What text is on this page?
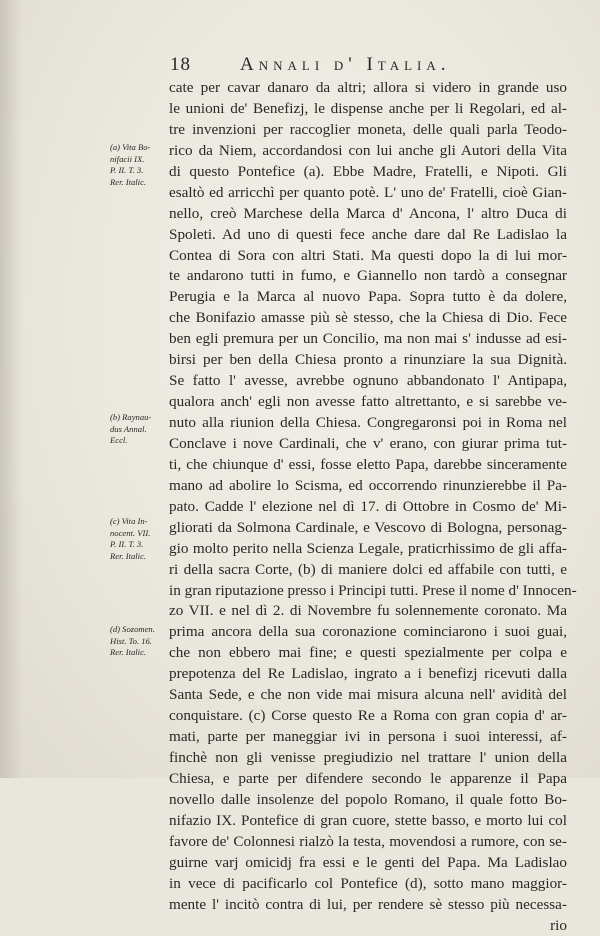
18	Annali d' Italia.
cate per cavar danaro da altri; allora si videro in grande uso
le unioni de' Benefizj, le dispense anche per li Regolari, ed al-
tre invenzioni per raccoglier moneta, delle quali parla Teodo-
rico da Niem, accordandosi con lui anche gli Autori della Vita
di questo Pontefice (a). Ebbe Madre, Fratelli, e Nipoti. Gli
esaltò ed arricchì per quanto potè. L' uno de' Fratelli, cioè Gian-
nello, creò Marchese della Marca d' Ancona, l' altro Duca di
Spoleti. Ad uno di questi fece anche dare dal Re Ladislao la
Contea di Sora con altri Stati. Ma questi dopo la di lui mor-
te andarono tutti in fumo, e Giannello non tardò a consegnar
Perugia e la Marca al nuovo Papa. Sopra tutto è da dolere,
che Bonifazio amasse più sè stesso, che la Chiesa di Dio. Fece
ben egli premura per un Concilio, ma non mai s' indusse ad esi-
birsi per ben della Chiesa pronto a rinunziare la sua Dignità.
Se fatto l' avesse, avrebbe ognuno abbandonato l' Antipapa,
qualora anch' egli non avesse fatto altrettanto, e si sarebbe ve-
nuto alla riunion della Chiesa. Congregaronsi poi in Roma nel
Conclave i nove Cardinali, che v' erano, con giurar prima tut-
ti, che chiunque d' essi, fosse eletto Papa, darebbe sinceramente
mano ad abolire lo Scisma, ed occorrendo rinunzierebbe il Pa-
pato. Cadde l' elezione nel dì 17. di Ottobre in Cosmo de' Mi-
gliorati da Solmona Cardinale, e Vescovo di Bologna, personag-
gio molto perito nella Scienza Legale, praticrhissimo de gli affa-
ri della sacra Corte, (b) di maniere dolci ed affabile con tutti, e
in gran riputazione presso i Principi tutti. Prese il nome d' Innocen-
zo VII. e nel dì 2. di Novembre fu solennemente coronato. Ma
prima ancora della sua coronazione cominciarono i suoi guai,
che non ebbero mai fine; e questi spezialmente per colpa e
prepotenza del Re Ladislao, ingrato a i benefizj ricevuti dalla
Santa Sede, e che non vide mai misura alcuna nell' avidità del
conquistare. (c) Corse questo Re a Roma con gran copia d' ar-
mati, parte per maneggiar ivi in persona i suoi interessi, af-
finchè non gli venisse pregiudizio nel trattare l' union della
Chiesa, e parte per difendere secondo le apparenze il Papa
novello dalle insolenze del popolo Romano, il quale fotto Bo-
nifazio IX. Pontefice di gran cuore, stette basso, e morto lui col
favore de' Colonnesi rialzò la testa, movendosi a rumore, con se-
guirne varj omicidj fra essi e le genti del Papa. Ma Ladislao
in vece di pacificarlo col Pontefice (d), sotto mano maggior-
mente l' incitò contra di lui, per rendere sè stesso più necessa-
rio
(a) Vita Bo-
nifacii IX.
P. II. T. 3.
Rer. Italic.
(b) Raynau-
dus Annal.
Eccl.
(c) Vita In-
nocent. VII.
P. II. T. 3.
Rer. Italic.
(d) Sozomen.
Hist. To. 16.
Rer. Italic.
